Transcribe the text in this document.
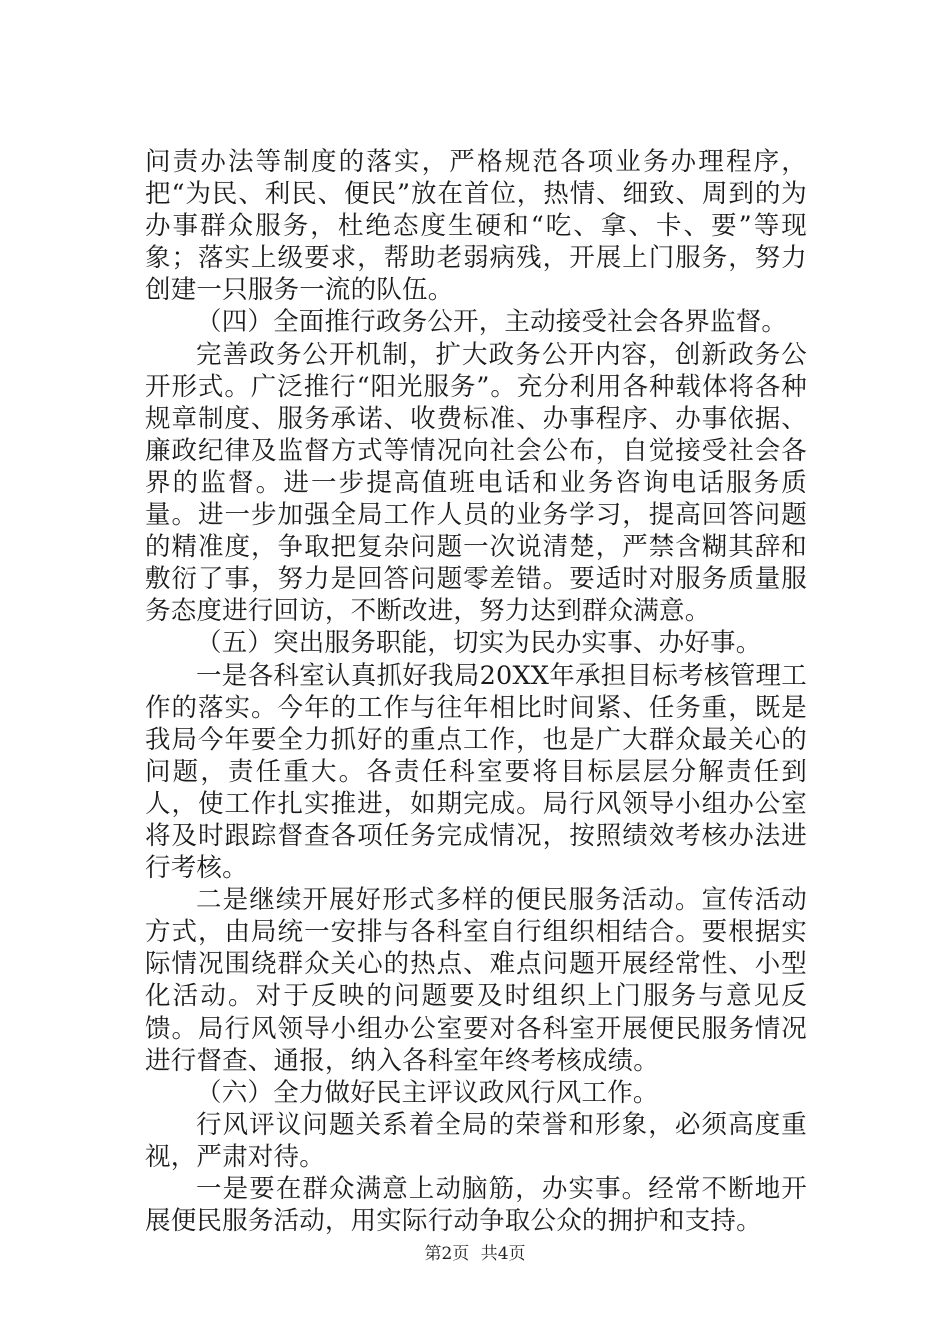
问责办法等制度的落实，严格规范各项业务办理程序，把“为民、利民、便民”放在首位，热情、细致、周到的为办事群众服务，杜绝态度生硬和“吃、拿、卡、要”等现象；落实上级要求，帮助老弱病残，开展上门服务，努力创建一只服务一流的队伍。

（四）全面推行政务公开，主动接受社会各界监督。

完善政务公开机制，扩大政务公开内容，创新政务公开形式。广泛推行“阳光服务”。充分利用各种载体将各种规章制度、服务承诺、收费标准、办事程序、办事依据、廉政纪律及监督方式等情况向社会公布，自觉接受社会各界的监督。进一步提高值班电话和业务咨询电话服务质量。进一步加强全局工作人员的业务学习，提高回答问题的精准度，争取把复杂问题一次说清楚，严禁含糊其辞和敷衍了事，努力是回答问题零差错。要适时对服务质量服务态度进行回访，不断改进，努力达到群众满意。

（五）突出服务职能，切实为民办实事、办好事。

一是各科室认真抓好我局20XX年承担目标考核管理工作的落实。今年的工作与往年相比时间紧、任务重，既是我局今年要全力抓好的重点工作，也是广大群众最关心的问题，责任重大。各责任科室要将目标层层分解责任到人，使工作扎实推进，如期完成。局行风领导小组办公室将及时跟踪督查各项任务完成情况，按照绩效考核办法进行考核。

二是继续开展好形式多样的便民服务活动。宣传活动方式，由局统一安排与各科室自行组织相结合。要根据实际情况围绕群众关心的热点、难点问题开展经常性、小型化活动。对于反映的问题要及时组织上门服务与意见反馈。局行风领导小组办公室要对各科室开展便民服务情况进行督查、通报，纳入各科室年终考核成绩。

（六）全力做好民主评议政风行风工作。

行风评议问题关系着全局的荣誉和形象，必须高度重视，严肃对待。

一是要在群众满意上动脑筋，办实事。经常不断地开展便民服务活动，用实际行动争取公众的拥护和支持。

第2页 共4页
